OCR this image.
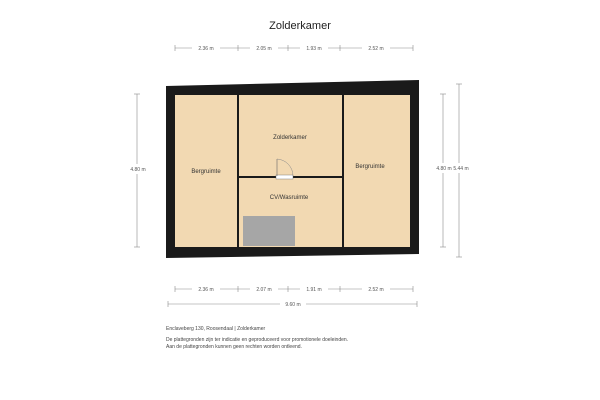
Zolderkamer
2.36 m	2.05 m	1.93 m	2.52 m
4.80 m	4.80 m 5.44 m
Bergruimte
Zolderkamer
CV/Wasruimte
Bergruimte
2.36 m	2.07 m	1.91 m	2.52 m
9.60 m
Enclaveberg 130, Roosendaal | Zolderkamer
De plattegronden zijn ter indicatie en geproduceerd voor promotionele doeleinden.
Aan de plattegronden kunnen geen rechten worden ontleend.
